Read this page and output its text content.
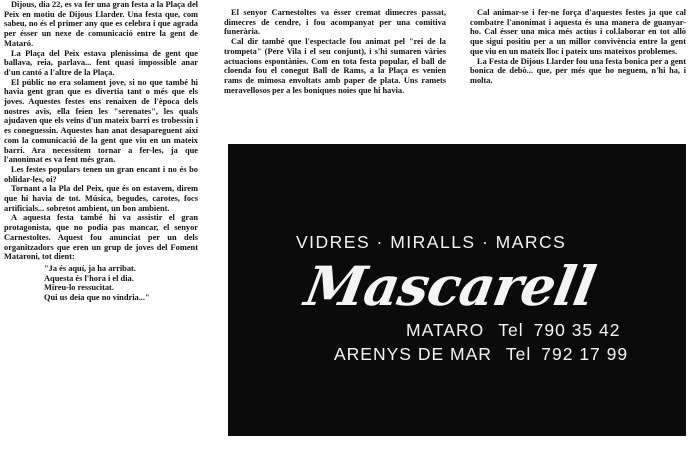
Dijous, dia 22, es va fer una gran festa a la Plaça del Peix en motiu de Dijous Llarder. Una festa que, com sabeu, no és el primer any que es celebra i que agrada per ésser un nexe de comunicació entre la gent de Mataró.

La Plaça del Peix estava plenissima de gent que ballava, reia, parlava... fent quasi impossible anar d'un cantó a l'altre de la Plaça.

El públic no era solament jove, si no que també hi havia gent gran que es divertia tant o més que els joves. Aquestes festes ens renaixen de l'època dels nostres avis, ella feien les "serenates", les quals ajudaven que els veïns d'un mateix barri es trobessin i es coneguessin. Aquestes han anat desapareguent així com la comunicació de la gent que viu en un mateix barri. Ara necessitem tornar a fer-les, ja que l'anonimat es va fent més gran.

Les festes populars tenen un gran encant i no és bo oblidar-les, oi?

Tornant a la Pla del Peix, que és on estavem, direm que hi havia de tot. Música, begudes, carotes, focs artificials... sobretot ambient, un bon ambient.

A aquesta festa també hi va assistir el gran protagonista, que no podia pas mancar, el senyor Carnestoltes. Aquest fou anunciat per un dels organitzadors que eren un grup de joves del Foment Mataroni, tot dient:

"Ja és aquí, ja ha arribat.
Aquesta és l'hora i el dia.
Mireu-lo ressucitat.
Qui us deia que no vindria..."

El senyor Carnestoltes va ésser cremat dimecres passat, dimecres de cendre, i fou acompanyat per una comitiva funerària.

Cal dir també que l'espectacle fou animat pel "rei de la trompeta" (Pere Vila i el seu conjunt), i s'hi sumaren vàries actuacions espontànies. Com en tota festa popular, el ball de cloenda fou el conegut Ball de Rams, a la Plaça es venien rams de mimosa envoltats amb paper de plata. Uns ramets meravellosos per a les boniques noies que hi havia.

Cal animar-se i fer-ne força d'aquestes festes ja que cal combatre l'anonimat i aquesta és una manera de guanyar-ho. Cal ésser una mica més actius i col.laborar en tot allò que sigui positiu per a un millor convivència entre la gent que viu en un mateix lloc i pateix uns mateixos problemes.

La Festa de Dijous Llarder fou una festa bonica per a gent bonica de debò... que, per més que ho neguem, n'hi ha, i molta.

VIDRES · MIRALLS · MARCS
Mascarell
MATARO Tel 790 35 42
ARENYS DE MAR Tel 792 17 99
